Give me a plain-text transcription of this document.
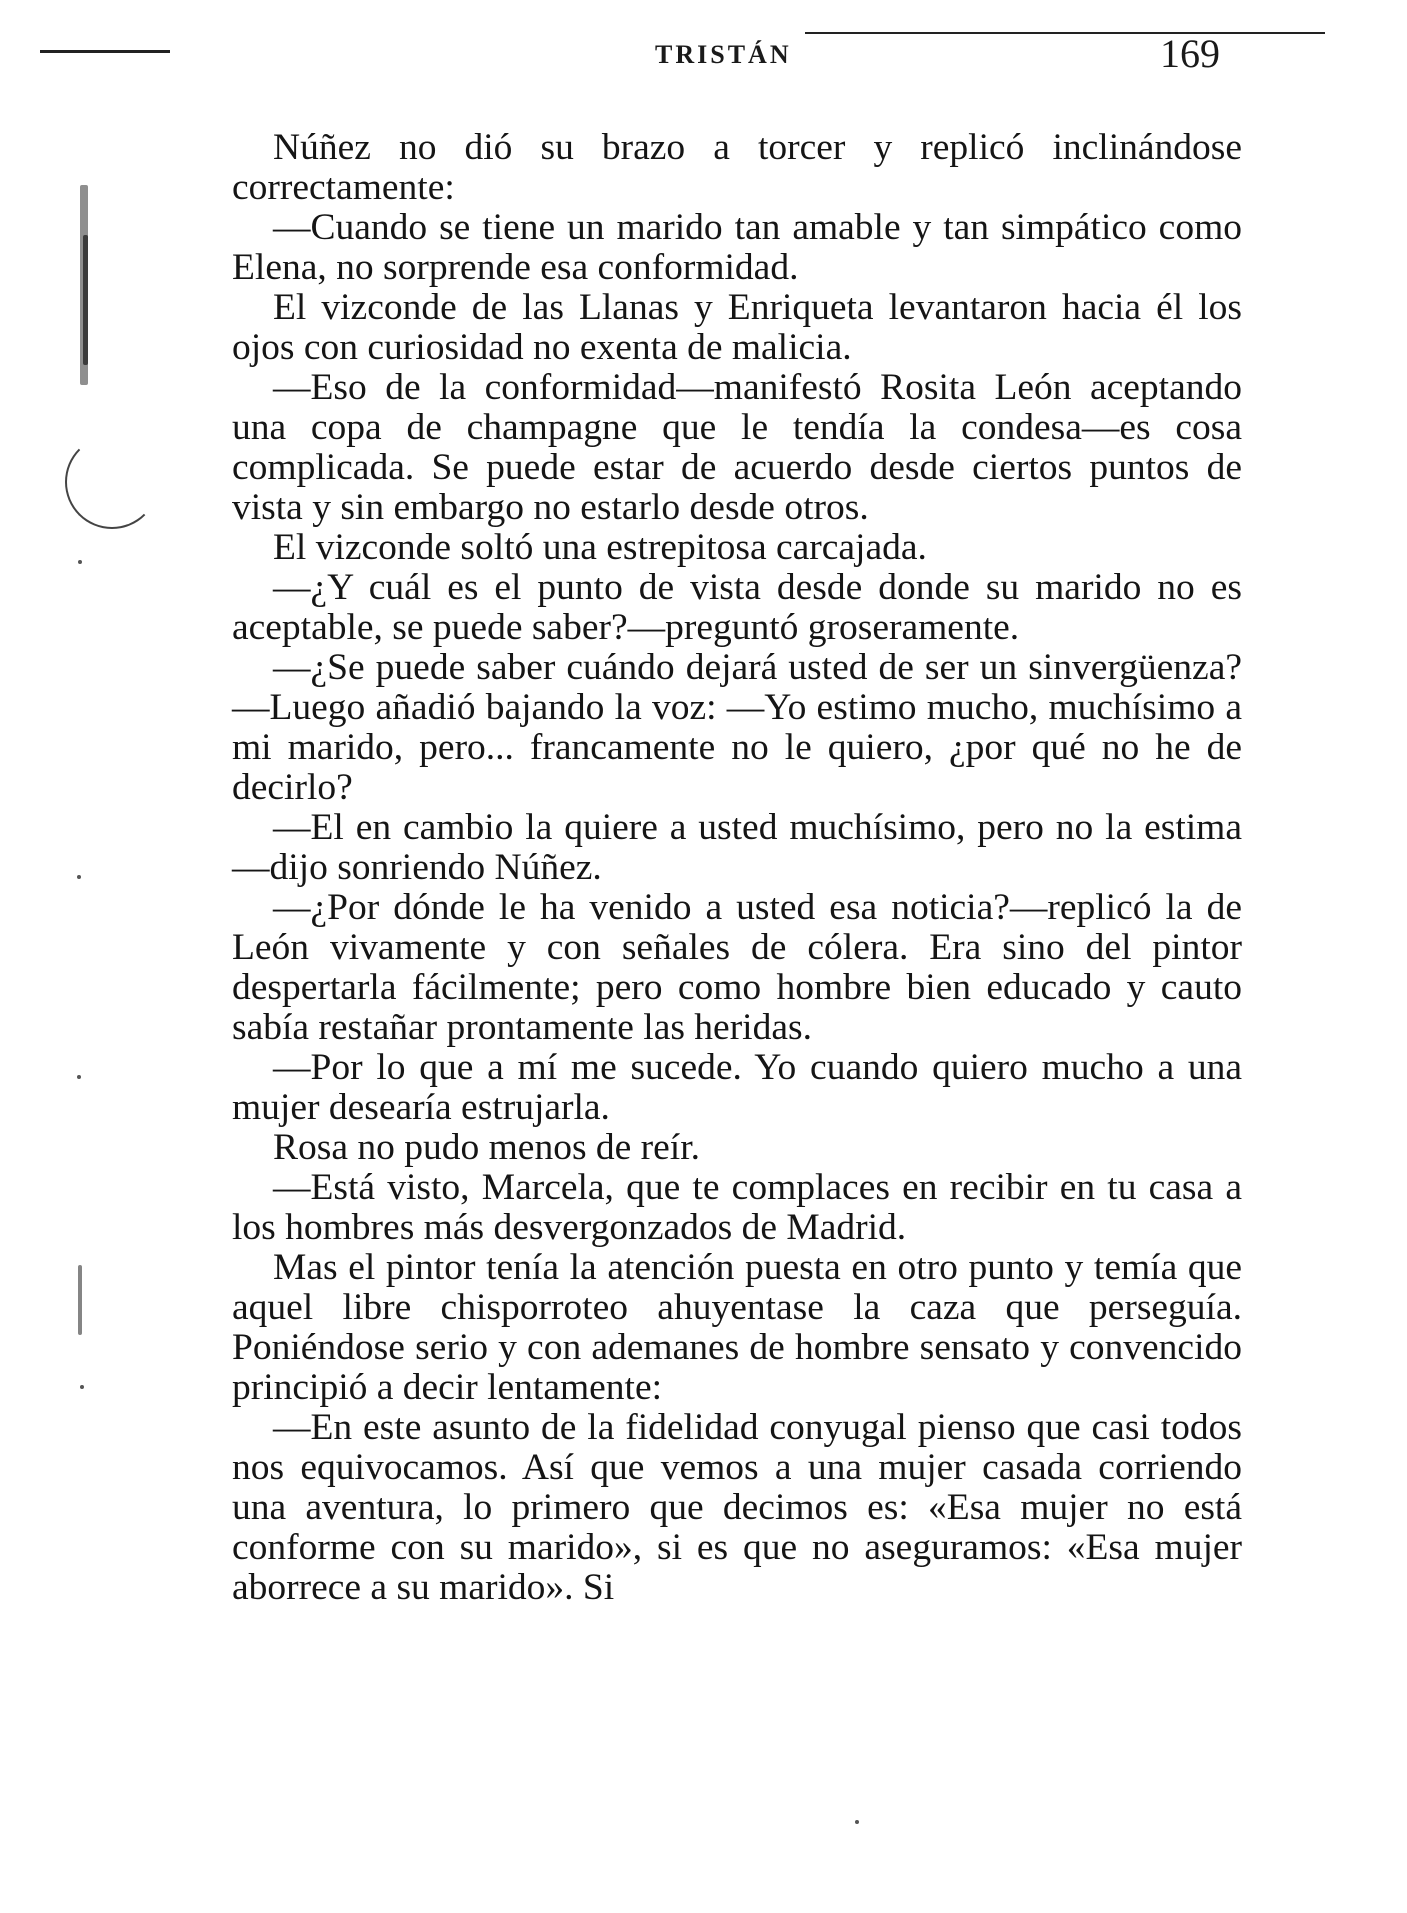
TRISTÁN	169

Núñez no dió su brazo a torcer y replicó inclinándose correctamente:

—Cuando se tiene un marido tan amable y tan simpático como Elena, no sorprende esa conformidad.

El vizconde de las Llanas y Enriqueta levantaron hacia él los ojos con curiosidad no exenta de malicia.

—Eso de la conformidad—manifestó Rosita León aceptando una copa de champagne que le tendía la condesa—es cosa complicada. Se puede estar de acuerdo desde ciertos puntos de vista y sin embargo no estarlo desde otros.

El vizconde soltó una estrepitosa carcajada.

—¿Y cuál es el punto de vista desde donde su marido no es aceptable, se puede saber?—preguntó groseramente.

—¿Se puede saber cuándo dejará usted de ser un sinvergüenza?—Luego añadió bajando la voz: —Yo estimo mucho, muchísimo a mi marido, pero... francamente no le quiero, ¿por qué no he de decirlo?

—El en cambio la quiere a usted muchísimo, pero no la estima—dijo sonriendo Núñez.

—¿Por dónde le ha venido a usted esa noticia?—replicó la de León vivamente y con señales de cólera. Era sino del pintor despertarla fácilmente; pero como hombre bien educado y cauto sabía restañar prontamente las heridas.

—Por lo que a mí me sucede. Yo cuando quiero mucho a una mujer desearía estrujarla.

Rosa no pudo menos de reír.

—Está visto, Marcela, que te complaces en recibir en tu casa a los hombres más desvergonzados de Madrid.

Mas el pintor tenía la atención puesta en otro punto y temía que aquel libre chisporroteo ahuyentase la caza que perseguía. Poniéndose serio y con ademanes de hombre sensato y convencido principió a decir lentamente:

—En este asunto de la fidelidad conyugal pienso que casi todos nos equivocamos. Así que vemos a una mujer casada corriendo una aventura, lo primero que decimos es: «Esa mujer no está conforme con su marido», si es que no aseguramos: «Esa mujer aborrece a su marido». Si
